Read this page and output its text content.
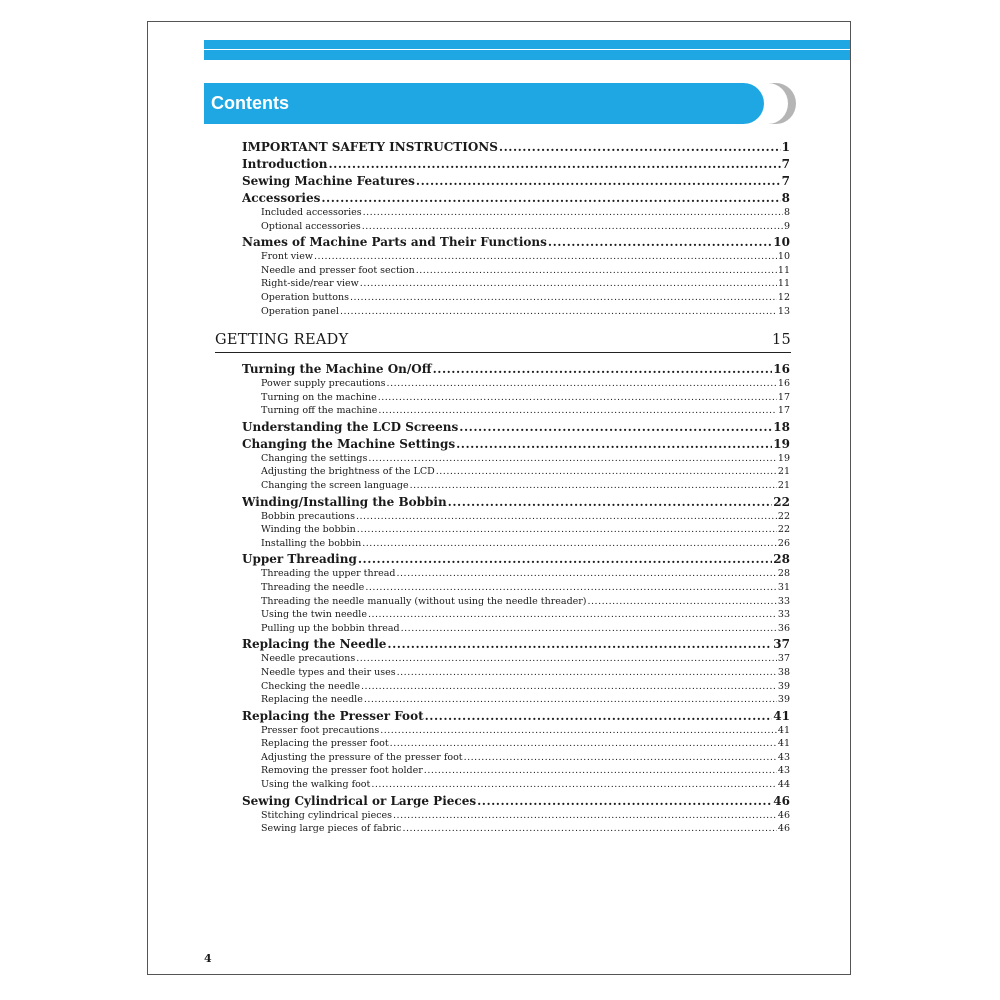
Contents
IMPORTANT SAFETY INSTRUCTIONS .....	1
Introduction .....	7
Sewing Machine Features .....	7
Accessories .....	8
Included accessories .....	8
Optional accessories .....	9
Names of Machine Parts and Their Functions .....	10
Front view .....	10
Needle and presser foot section .....	11
Right-side/rear view .....	11
Operation buttons .....	12
Operation panel .....	13
GETTING READY	15
Turning the Machine On/Off .....	16
Power supply precautions .....	16
Turning on the machine .....	17
Turning off the machine .....	17
Understanding the LCD Screens .....	18
Changing the Machine Settings .....	19
Changing the settings .....	19
Adjusting the brightness of the LCD .....	21
Changing the screen language .....	21
Winding/Installing the Bobbin .....	22
Bobbin precautions .....	22
Winding the bobbin .....	22
Installing the bobbin .....	26
Upper Threading .....	28
Threading the upper thread .....	28
Threading the needle .....	31
Threading the needle manually (without using the needle threader) .....	33
Using the twin needle .....	33
Pulling up the bobbin thread .....	36
Replacing the Needle .....	37
Needle precautions .....	37
Needle types and their uses .....	38
Checking the needle .....	39
Replacing the needle .....	39
Replacing the Presser Foot .....	41
Presser foot precautions .....	41
Replacing the presser foot .....	41
Adjusting the pressure of the presser foot .....	43
Removing the presser foot holder .....	43
Using the walking foot .....	44
Sewing Cylindrical or Large Pieces .....	46
Stitching cylindrical pieces .....	46
Sewing large pieces of fabric .....	46
4
